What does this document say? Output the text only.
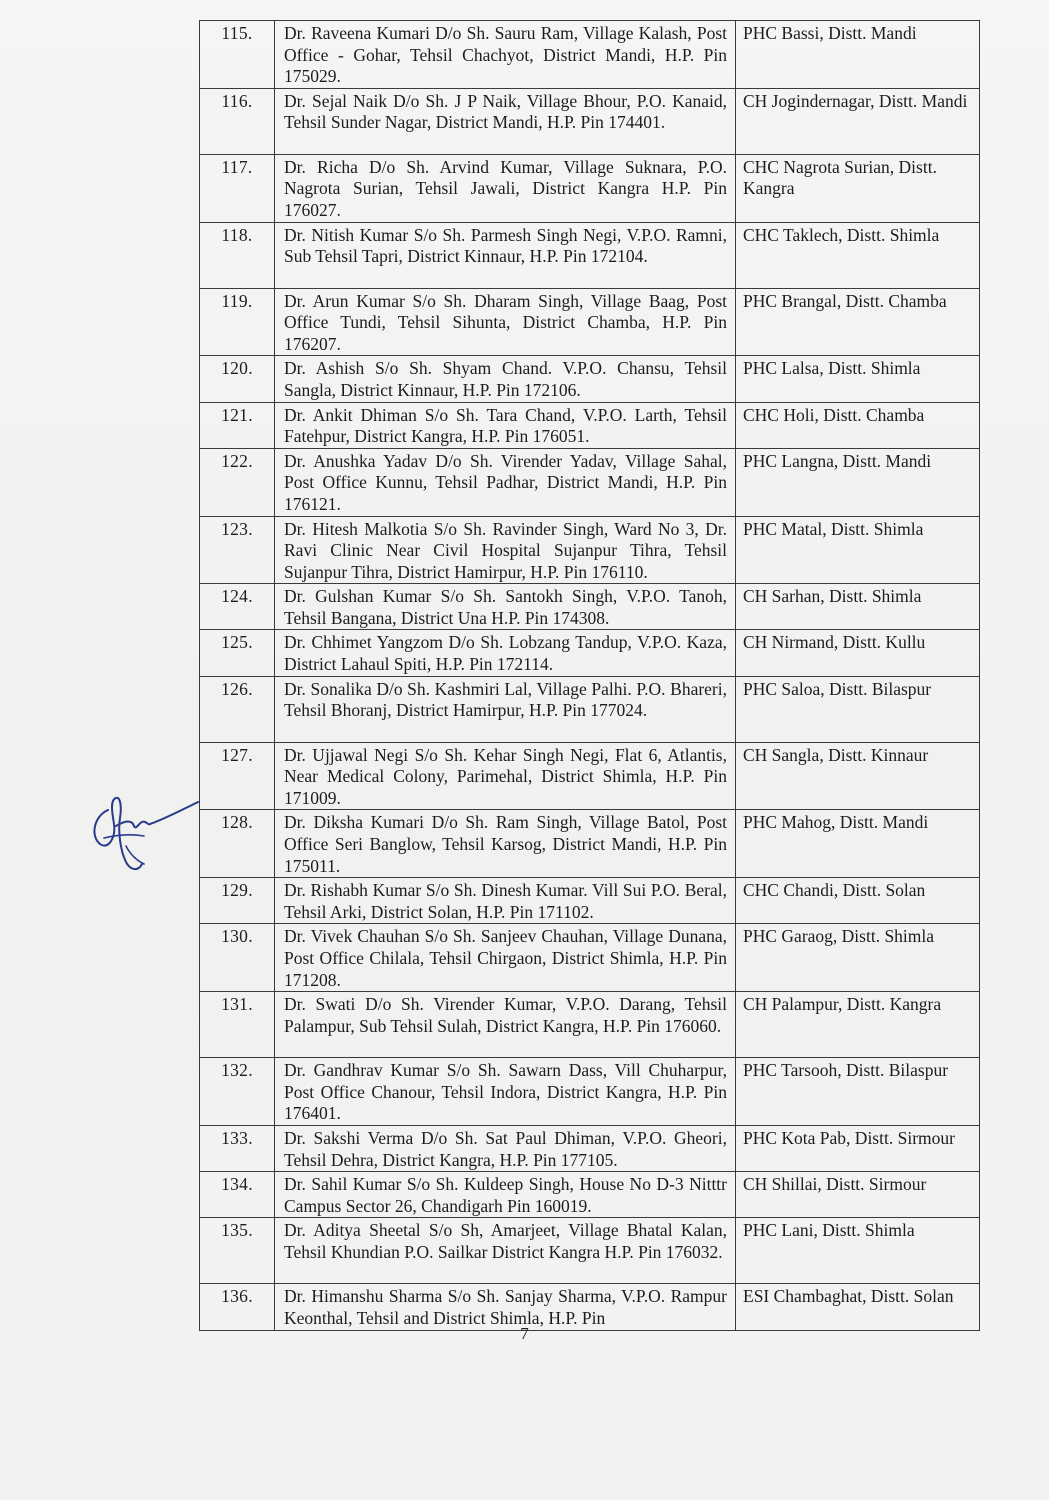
115.	Dr. Raveena Kumari D/o Sh. Sauru Ram, Village Kalash, Post Office - Gohar, Tehsil Chachyot, District Mandi, H.P. Pin 175029.	PHC Bassi, Distt. Mandi
116.	Dr. Sejal Naik D/o Sh. J P Naik, Village Bhour, P.O. Kanaid, Tehsil Sunder Nagar, District Mandi, H.P. Pin 174401.	CH Jogindernagar, Distt. Mandi
117.	Dr. Richa D/o Sh. Arvind Kumar, Village Suknara, P.O. Nagrota Surian, Tehsil Jawali, District Kangra H.P. Pin 176027.	CHC Nagrota Surian, Distt. Kangra
118.	Dr. Nitish Kumar S/o Sh. Parmesh Singh Negi, V.P.O. Ramni, Sub Tehsil Tapri, District Kinnaur, H.P. Pin 172104.	CHC Taklech, Distt. Shimla
119.	Dr. Arun Kumar S/o Sh. Dharam Singh, Village Baag, Post Office Tundi, Tehsil Sihunta, District Chamba, H.P. Pin 176207.	PHC Brangal, Distt. Chamba
120.	Dr. Ashish S/o Sh. Shyam Chand. V.P.O. Chansu, Tehsil Sangla, District Kinnaur, H.P. Pin 172106.	PHC Lalsa, Distt. Shimla
121.	Dr. Ankit Dhiman S/o Sh. Tara Chand, V.P.O. Larth, Tehsil Fatehpur, District Kangra, H.P. Pin 176051.	CHC Holi, Distt. Chamba
122.	Dr. Anushka Yadav D/o Sh. Virender Yadav, Village Sahal, Post Office Kunnu, Tehsil Padhar, District Mandi, H.P. Pin 176121.	PHC Langna, Distt. Mandi
123.	Dr. Hitesh Malkotia S/o Sh. Ravinder Singh, Ward No 3, Dr. Ravi Clinic Near Civil Hospital Sujanpur Tihra, Tehsil Sujanpur Tihra, District Hamirpur, H.P. Pin 176110.	PHC Matal, Distt. Shimla
124.	Dr. Gulshan Kumar S/o Sh. Santokh Singh, V.P.O. Tanoh, Tehsil Bangana, District Una H.P. Pin 174308.	CH Sarhan, Distt. Shimla
125.	Dr. Chhimet Yangzom D/o Sh. Lobzang Tandup, V.P.O. Kaza, District Lahaul Spiti, H.P. Pin 172114.	CH Nirmand, Distt. Kullu
126.	Dr. Sonalika D/o Sh. Kashmiri Lal, Village Palhi. P.O. Bhareri, Tehsil Bhoranj, District Hamirpur, H.P. Pin 177024.	PHC Saloa, Distt. Bilaspur
127.	Dr. Ujjawal Negi S/o Sh. Kehar Singh Negi, Flat 6, Atlantis, Near Medical Colony, Parimehal, District Shimla, H.P. Pin 171009.	CH Sangla, Distt. Kinnaur
128.	Dr. Diksha Kumari D/o Sh. Ram Singh, Village Batol, Post Office Seri Banglow, Tehsil Karsog, District Mandi, H.P. Pin 175011.	PHC Mahog, Distt. Mandi
129.	Dr. Rishabh Kumar S/o Sh. Dinesh Kumar. Vill Sui P.O. Beral, Tehsil Arki, District Solan, H.P. Pin 171102.	CHC Chandi, Distt. Solan
130.	Dr. Vivek Chauhan S/o Sh. Sanjeev Chauhan, Village Dunana, Post Office Chilala, Tehsil Chirgaon, District Shimla, H.P. Pin 171208.	PHC Garaog, Distt. Shimla
131.	Dr. Swati D/o Sh. Virender Kumar, V.P.O. Darang, Tehsil Palampur, Sub Tehsil Sulah, District Kangra, H.P. Pin 176060.	CH Palampur, Distt. Kangra
132.	Dr. Gandhrav Kumar S/o Sh. Sawarn Dass, Vill Chuharpur, Post Office Chanour, Tehsil Indora, District Kangra, H.P. Pin 176401.	PHC Tarsooh, Distt. Bilaspur
133.	Dr. Sakshi Verma D/o Sh. Sat Paul Dhiman, V.P.O. Gheori, Tehsil Dehra, District Kangra, H.P. Pin 177105.	PHC Kota Pab, Distt. Sirmour
134.	Dr. Sahil Kumar S/o Sh. Kuldeep Singh, House No D-3 Nitttr Campus Sector 26, Chandigarh Pin 160019.	CH Shillai, Distt. Sirmour
135.	Dr. Aditya Sheetal S/o Sh, Amarjeet, Village Bhatal Kalan, Tehsil Khundian P.O. Sailkar District Kangra H.P. Pin 176032.	PHC Lani, Distt. Shimla
136.	Dr. Himanshu Sharma S/o Sh. Sanjay Sharma, V.P.O. Rampur Keonthal, Tehsil and District Shimla, H.P. Pin	ESI Chambaghat, Distt. Solan
7
